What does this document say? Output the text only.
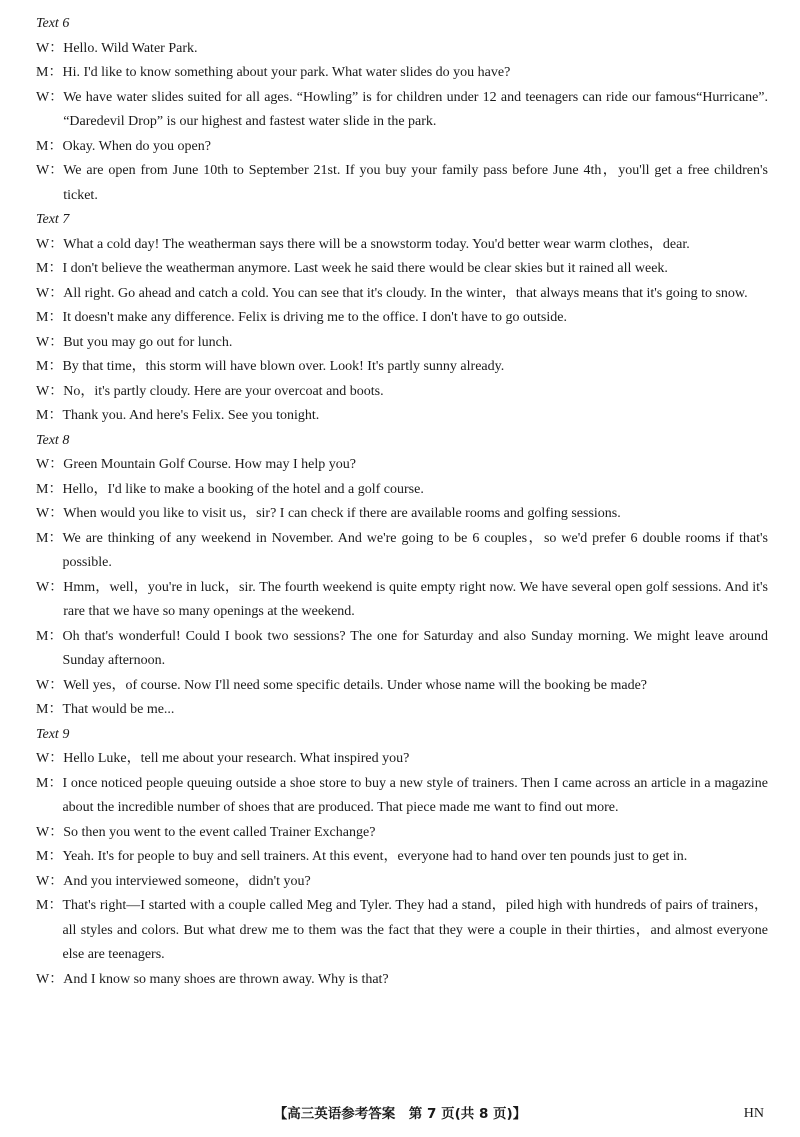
Text 6
W： Hello. Wild Water Park.
M： Hi. I'd like to know something about your park. What water slides do you have?
W： We have water slides suited for all ages. “Howling” is for children under 12 and teenagers can ride our famous“Hurricane”. “Daredevil Drop” is our highest and fastest water slide in the park.
M： Okay. When do you open?
W： We are open from June 10th to September 21st. If you buy your family pass before June 4th，you'll get a free children's ticket.
Text 7
W： What a cold day! The weatherman says there will be a snowstorm today. You'd better wear warm clothes，dear.
M： I don't believe the weatherman anymore. Last week he said there would be clear skies but it rained all week.
W： All right. Go ahead and catch a cold. You can see that it's cloudy. In the winter，that always means that it's going to snow.
M： It doesn't make any difference. Felix is driving me to the office. I don't have to go outside.
W： But you may go out for lunch.
M： By that time，this storm will have blown over. Look! It's partly sunny already.
W： No，it's partly cloudy. Here are your overcoat and boots.
M： Thank you. And here's Felix. See you tonight.
Text 8
W： Green Mountain Golf Course. How may I help you?
M： Hello，I'd like to make a booking of the hotel and a golf course.
W： When would you like to visit us，sir? I can check if there are available rooms and golfing sessions.
M： We are thinking of any weekend in November. And we're going to be 6 couples，so we'd prefer 6 double rooms if that's possible.
W： Hmm，well，you're in luck，sir. The fourth weekend is quite empty right now. We have several open golf sessions. And it's rare that we have so many openings at the weekend.
M： Oh that's wonderful! Could I book two sessions? The one for Saturday and also Sunday morning. We might leave around Sunday afternoon.
W： Well yes，of course. Now I'll need some specific details. Under whose name will the booking be made?
M： That would be me...
Text 9
W： Hello Luke，tell me about your research. What inspired you?
M： I once noticed people queuing outside a shoe store to buy a new style of trainers. Then I came across an article in a magazine about the incredible number of shoes that are produced. That piece made me want to find out more.
W： So then you went to the event called Trainer Exchange?
M： Yeah. It's for people to buy and sell trainers. At this event，everyone had to hand over ten pounds just to get in.
W： And you interviewed someone，didn't you?
M： That's right—I started with a couple called Meg and Tyler. They had a stand，piled high with hundreds of pairs of trainers，all styles and colors. But what drew me to them was the fact that they were a couple in their thirties，and almost everyone else are teenagers.
W： And I know so many shoes are thrown away. Why is that?
【高三英语参考答案　第 7 页(共 8 页)】	HN
